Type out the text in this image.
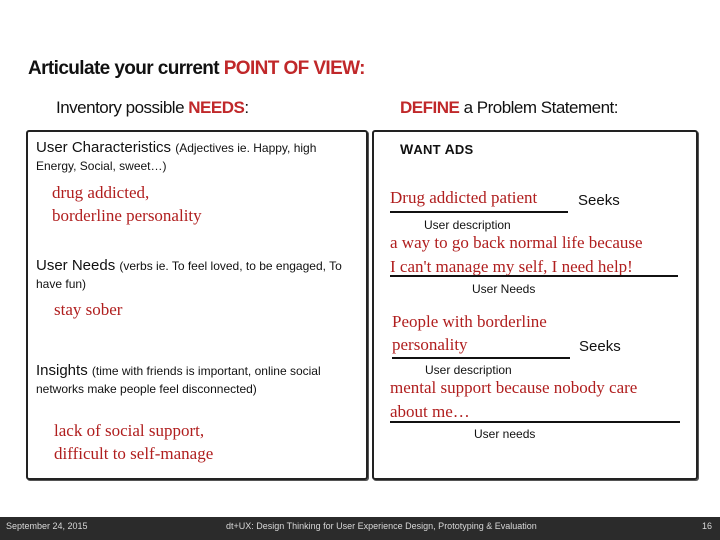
Articulate your current POINT OF VIEW:
Inventory possible NEEDS:	DEFINE a Problem Statement:
User Characteristics (Adjectives ie. Happy, high Energy, Social, sweet…)
drug addicted,
borderline personality
User Needs (verbs ie. To feel loved, to be engaged, To have fun)
stay sober
Insights (time with friends is important, online social networks make people feel disconnected)
lack of social support,
difficult to self-manage
WANT ADS
Drug addicted patient	Seeks
User description
a way to go back normal life because
I can't manage my self, I need help!
User Needs
People with borderline
personality	Seeks
User description
mental support because nobody care
about me…
User needs
September 24, 2015	dt+UX: Design Thinking for User Experience Design, Prototyping & Evaluation	16
